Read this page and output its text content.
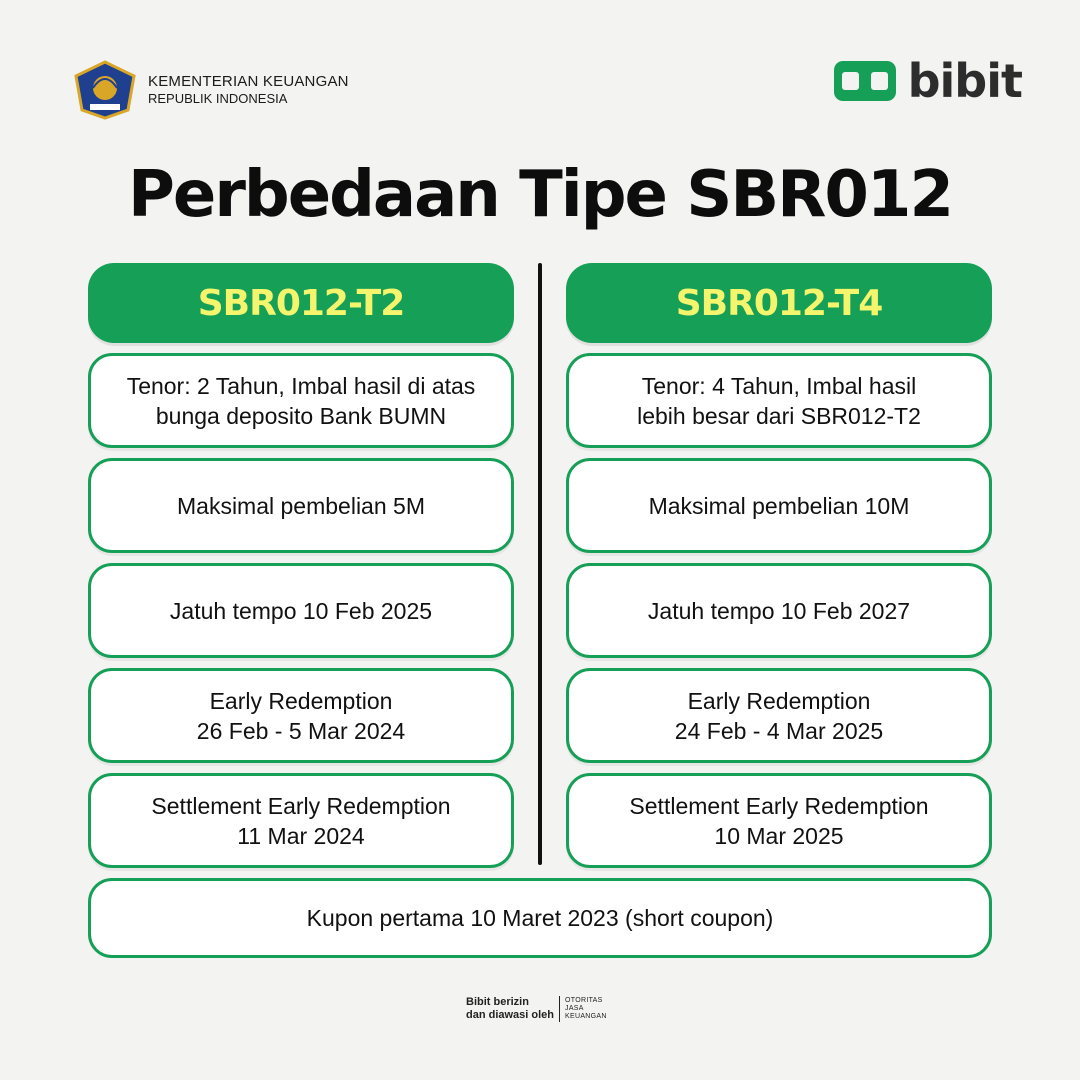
KEMENTERIAN KEUANGAN
REPUBLIK INDONESIA	bibit
Perbedaan Tipe SBR012
SBR012-T2
Tenor: 2 Tahun, Imbal hasil di atas
bunga deposito Bank BUMN
Maksimal pembelian 5M
Jatuh tempo 10 Feb 2025
Early Redemption
26 Feb - 5 Mar 2024
Settlement Early Redemption
11 Mar 2024
SBR012-T4
Tenor: 4 Tahun, Imbal hasil
lebih besar dari SBR012-T2
Maksimal pembelian 10M
Jatuh tempo 10 Feb 2027
Early Redemption
24 Feb - 4 Mar 2025
Settlement Early Redemption
10 Mar 2025
Kupon pertama 10 Maret 2023 (short coupon)
Bibit berizin
dan diawasi oleh
OTORITAS
JASA
KEUANGAN
